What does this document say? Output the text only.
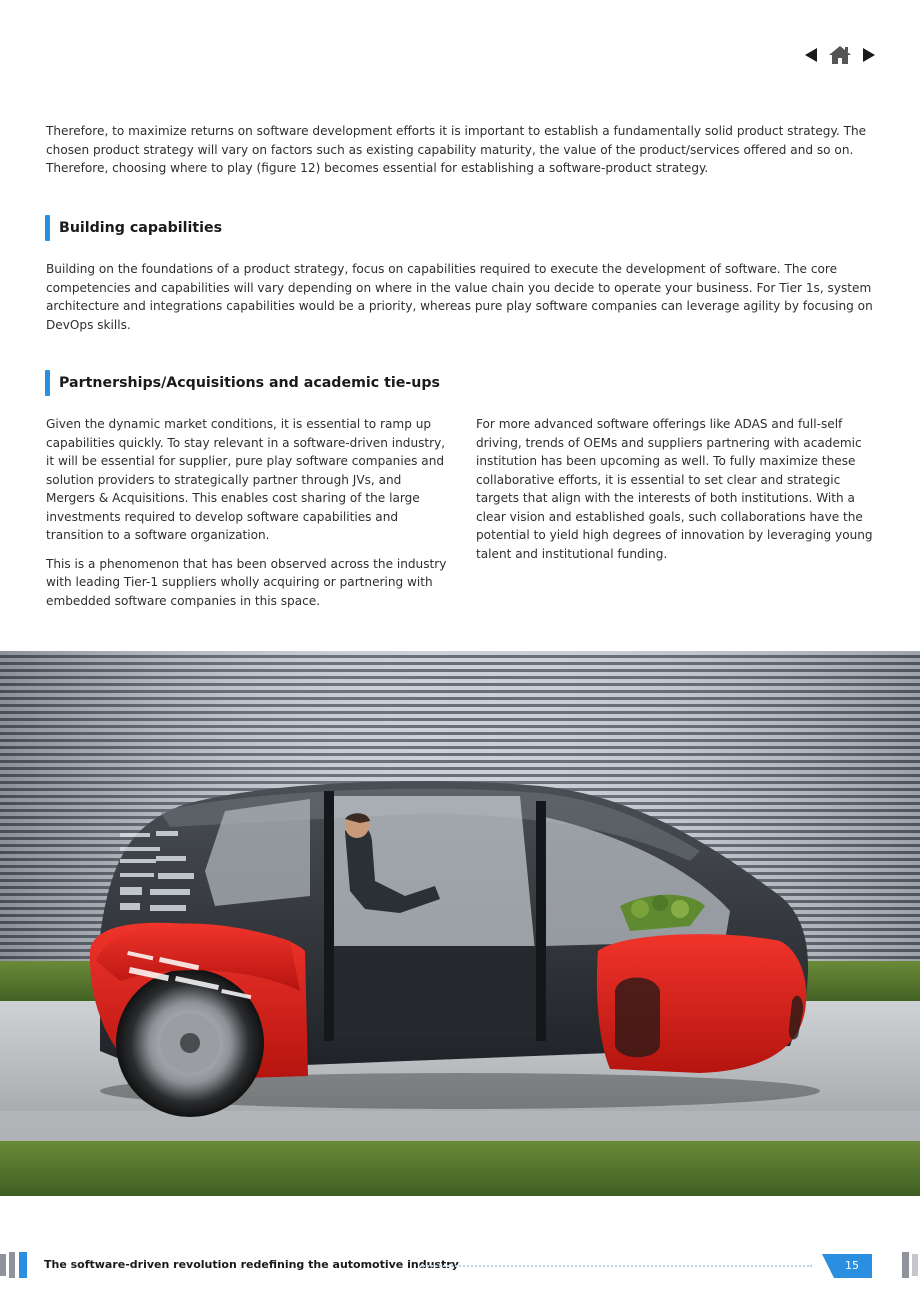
Therefore, to maximize returns on software development efforts it is important to establish a fundamentally solid product strategy. The chosen product strategy will vary on factors such as existing capability maturity, the value of the product/services offered and so on. Therefore, choosing where to play (figure 12) becomes essential for establishing a software-product strategy.

Building capabilities

Building on the foundations of a product strategy, focus on capabilities required to execute the development of software. The core competencies and capabilities will vary depending on where in the value chain you decide to operate your business. For Tier 1s, system architecture and integrations capabilities would be a priority, whereas pure play software companies can leverage agility by focusing on DevOps skills.

Partnerships/Acquisitions and academic tie-ups

Given the dynamic market conditions, it is essential to ramp up capabilities quickly. To stay relevant in a software-driven industry, it will be essential for supplier, pure play software companies and solution providers to strategically partner through JVs, and Mergers & Acquisitions. This enables cost sharing of the large investments required to develop software capabilities and transition to a software organization.

This is a phenomenon that has been observed across the industry with leading Tier-1 suppliers wholly acquiring or partnering with embedded software companies in this space.

For more advanced software offerings like ADAS and full-self driving, trends of OEMs and suppliers partnering with academic institution has been upcoming as well. To fully maximize these collaborative efforts, it is essential to set clear and strategic targets that align with the interests of both institutions. With a clear vision and established goals, such collaborations have the potential to yield high degrees of innovation by leveraging young talent and institutional funding.

The software-driven revolution redefining the automotive industry	15
